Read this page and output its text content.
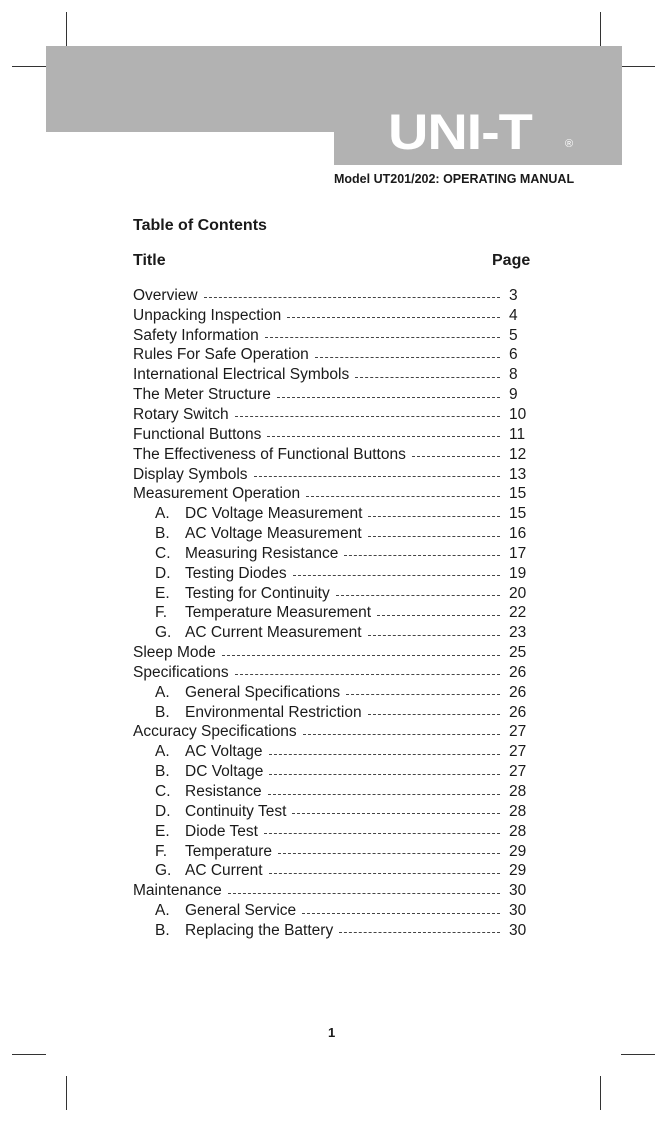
UNI-T	®
Model UT201/202: OPERATING MANUAL
Table of Contents
Title	Page
Overview	3
Unpacking Inspection	4
Safety Information	5
Rules For Safe Operation	6
International Electrical Symbols	8
The Meter Structure	9
Rotary Switch	10
Functional Buttons	11
The Effectiveness of Functional Buttons	12
Display Symbols	13
Measurement Operation	15
A. DC Voltage Measurement	15
B. AC Voltage Measurement	16
C. Measuring Resistance	17
D. Testing Diodes	19
E. Testing for Continuity	20
F.	Temperature Measurement	22
G. AC Current Measurement	23
Sleep Mode	25
Specifications	26
A. General Specifications	26
B. Environmental Restriction	26
Accuracy Specifications	27
A. AC Voltage	27
B. DC Voltage	27
C. Resistance	28
D. Continuity Test	28
E. Diode Test	28
F.	Temperature	29
G. AC Current	29
Maintenance	30
A. General Service	30
B. Replacing the Battery	30
1
